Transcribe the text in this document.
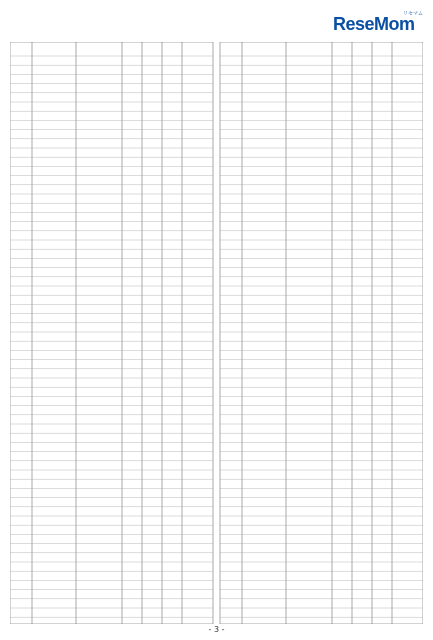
リセマム
ReseMom
- 3 -
